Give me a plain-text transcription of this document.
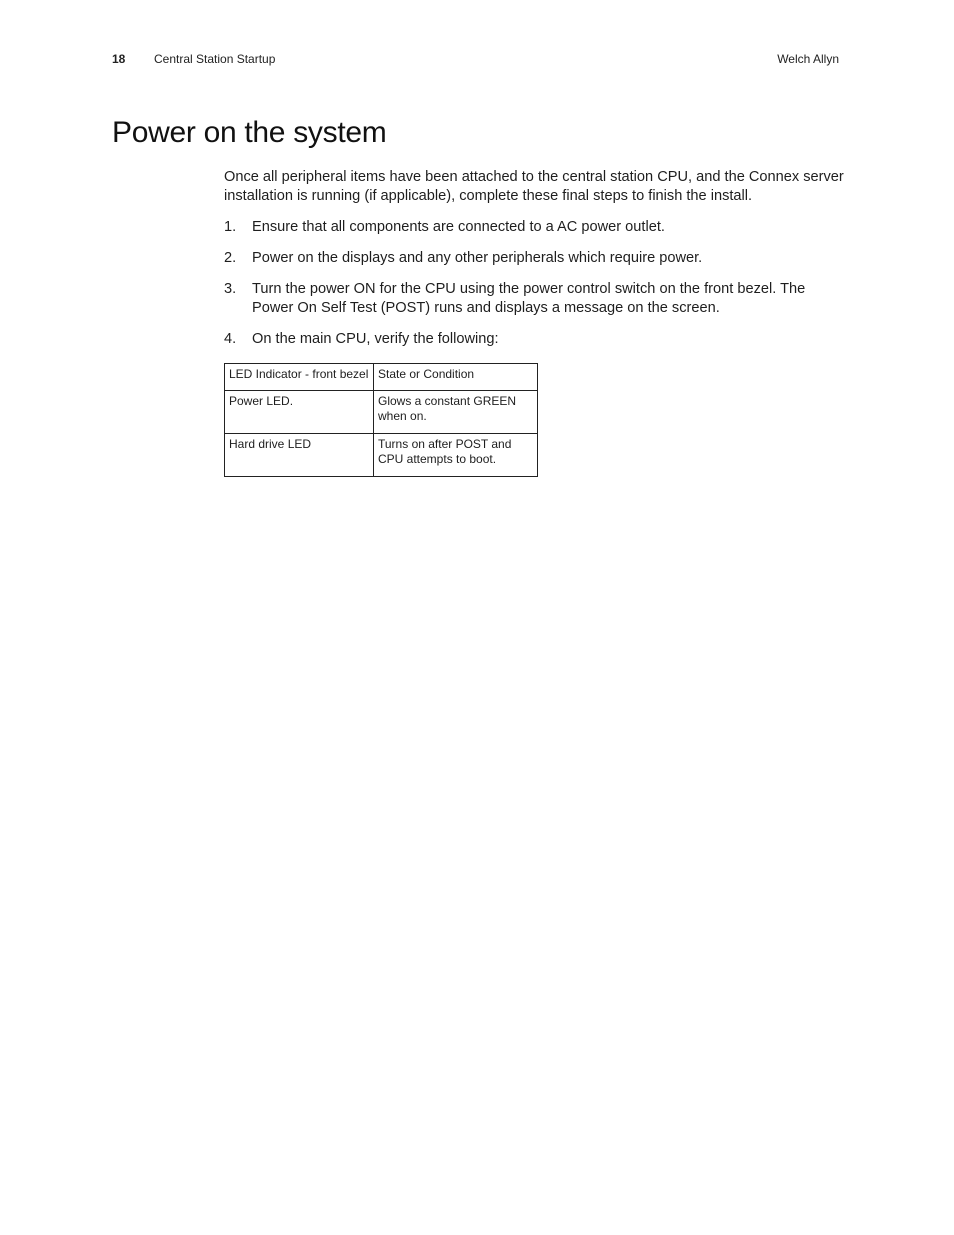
18 Central Station Startup	Welch Allyn
Power on the system

Once all peripheral items have been attached to the central station CPU, and the Connex server installation is running (if applicable), complete these final steps to finish the install.

1.	Ensure that all components are connected to a AC power outlet.
2.	Power on the displays and any other peripherals which require power.
3.	Turn the power ON for the CPU using the power control switch on the front bezel. The Power On Self Test (POST) runs and displays a message on the screen.
4.	On the main CPU, verify the following:
LED Indicator - front bezel	State or Condition
Power LED.	Glows a constant GREEN when on.
Hard drive LED	Turns on after POST and CPU attempts to boot.
